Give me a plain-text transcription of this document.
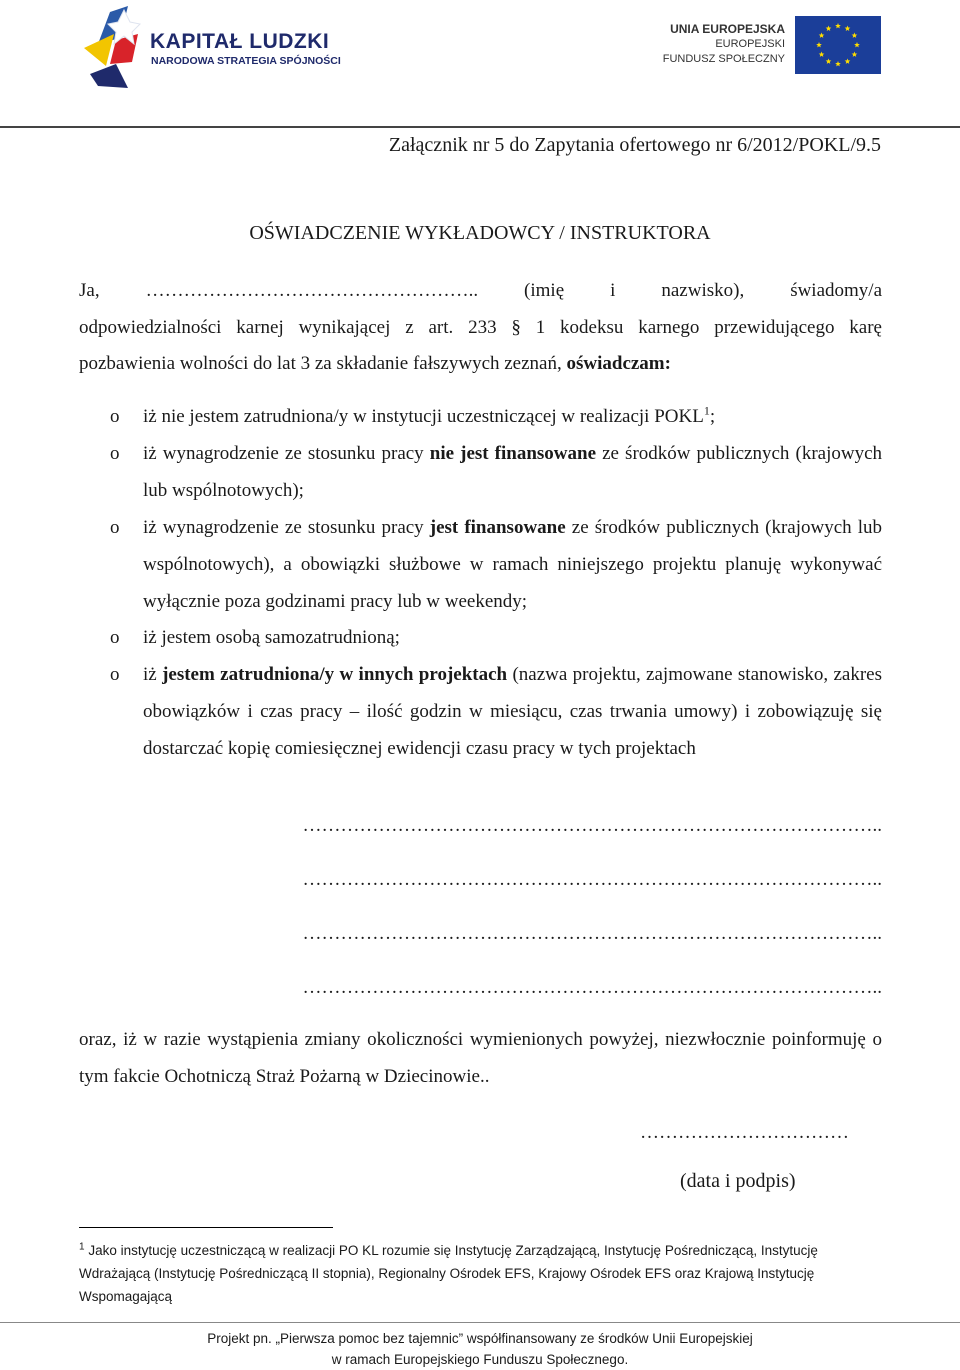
KAPITAŁ LUDZKI
NARODOWA STRATEGIA SPÓJNOŚCI
UNIA EUROPEJSKA
EUROPEJSKI
FUNDUSZ SPOŁECZNY
Załącznik nr 5 do Zapytania ofertowego nr 6/2012/POKL/9.5
OŚWIADCZENIE WYKŁADOWCY / INSTRUKTORA
Ja, …………………………………………….. (imię i nazwisko), świadomy/a
odpowiedzialności karnej wynikającej z art. 233 § 1 kodeksu karnego przewidującego karę
pozbawienia wolności do lat 3 za składanie fałszywych zeznań, oświadczam:
o iż nie jestem zatrudniona/y w instytucji uczestniczącej w realizacji POKL$^1$;
o iż wynagrodzenie ze stosunku pracy nie jest finansowane ze środków publicznych (krajowych lub wspólnotowych);
o iż wynagrodzenie ze stosunku pracy jest finansowane ze środków publicznych (krajowych lub wspólnotowych), a obowiązki służbowe w ramach niniejszego projektu planuję wykonywać wyłącznie poza godzinami pracy lub w weekendy;
o iż jestem osobą samozatrudnioną;
o iż jestem zatrudniona/y w innych projektach (nazwa projektu, zajmowane stanowisko, zakres obowiązków i czas pracy – ilość godzin w miesiącu, czas trwania umowy) i zobowiązuję się dostarczać kopię comiesięcznej ewidencji czasu pracy w tych projektach
………………………………………………………………………………..
………………………………………………………………………………..
………………………………………………………………………………..
………………………………………………………………………………..
oraz, iż w razie wystąpienia zmiany okoliczności wymienionych powyżej, niezwłocznie poinformuję o tym fakcie Ochotniczą Straż Pożarną w Dziecinowie..
……………………………
(data i podpis)
$^1$ Jako instytucję uczestniczącą w realizacji PO KL rozumie się Instytucję Zarządzającą, Instytucję Pośredniczącą, Instytucję Wdrażającą (Instytucję Pośredniczącą II stopnia), Regionalny Ośrodek EFS, Krajowy Ośrodek EFS oraz Krajową Instytucję Wspomagającą
Projekt pn. „Pierwsza pomoc bez tajemnic” współfinansowany ze środków Unii Europejskiej
w ramach Europejskiego Funduszu Społecznego.
